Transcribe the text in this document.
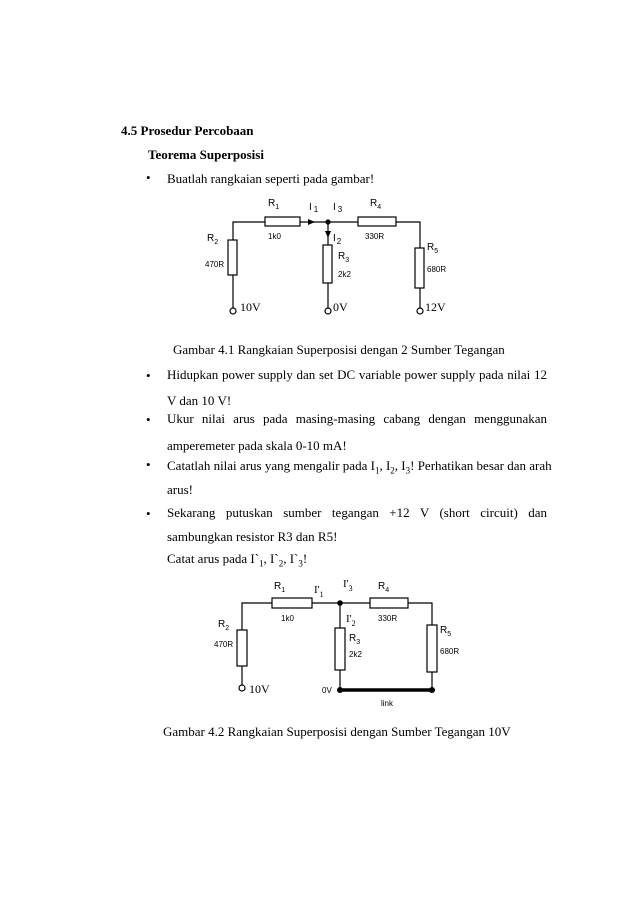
4.5 Prosedur Percobaan
Teorema Superposisi
• Buatlah rangkaian seperti pada gambar!
$R_1$
1k0
$R_2$
470R
$R_3$
2k2
$R_4$
330R
$R_5$
680R
I $_1$ I $_3$
$I_2$
10V	0V	12V
Gambar 4.1 Rangkaian Superposisi dengan 2 Sumber Tegangan
• Hidupkan power supply dan set DC variable power supply pada nilai 12
V dan 10 V!
• Ukur nilai arus pada masing-masing cabang dengan menggunakan
amperemeter pada skala 0-10 mA!
• Catatlah nilai arus yang mengalir pada $I_1$, $I_2$, $I_3$! Perhatikan besar dan arah
arus!
• Sekarang putuskan sumber tegangan +12 V (short circuit) dan
sambungkan resistor R3 dan R5!
Catat arus pada $I`_1$, $I`_2$, $I`_3$!
$R_1$
1k0
$R_2$
470R
$R_3$
2k2
$R_4$
330R
$R_5$
680R
$I'_3$
$I'_1$
$I'_2$
10V	0V
link
Gambar 4.2 Rangkaian Superposisi dengan Sumber Tegangan 10V
